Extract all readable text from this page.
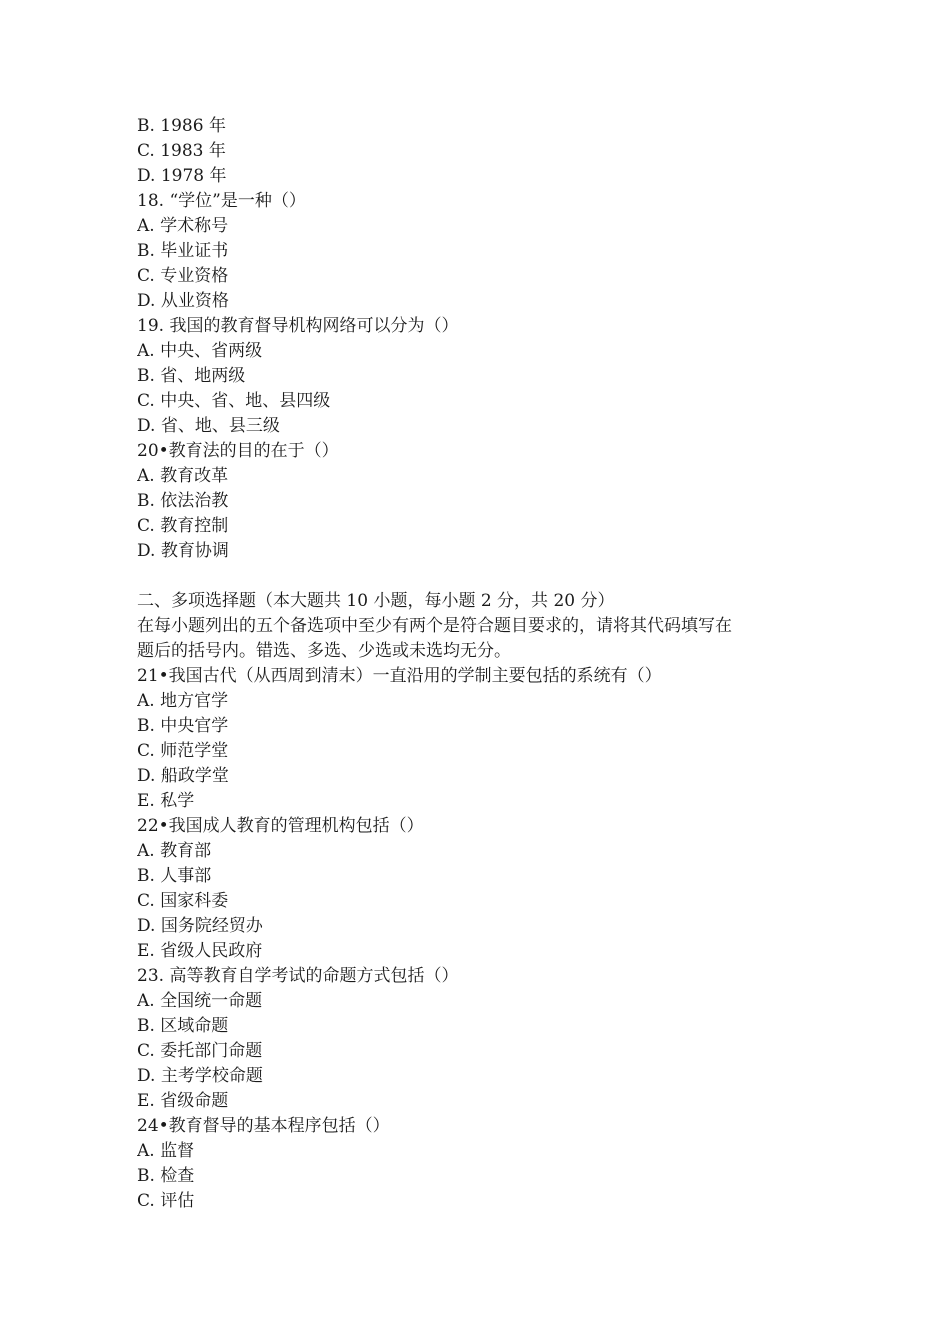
B. 1986 年
C. 1983 年
D. 1978 年
18. “学位”是一种（）
A. 学术称号
B. 毕业证书
C. 专业资格
D. 从业资格
19. 我国的教育督导机构网络可以分为（）
A. 中央、省两级
B. 省、地两级
C. 中央、省、地、县四级
D. 省、地、县三级
20•教育法的目的在于（）
A. 教育改革
B. 依法治教
C. 教育控制
D. 教育协调
二、多项选择题（本大题共 10 小题，每小题 2 分，共 20 分）
在每小题列出的五个备选项中至少有两个是符合题目要求的，请将其代码填写在
题后的括号内。错选、多选、少选或未选均无分。
21•我国古代（从西周到清末）一直沿用的学制主要包括的系统有（）
A. 地方官学
B. 中央官学
C. 师范学堂
D. 船政学堂
E. 私学
22•我国成人教育的管理机构包括（）
A. 教育部
B. 人事部
C. 国家科委
D. 国务院经贸办
E. 省级人民政府
23. 高等教育自学考试的命题方式包括（）
A. 全国统一命题
B. 区域命题
C. 委托部门命题
D. 主考学校命题
E. 省级命题
24•教育督导的基本程序包括（）
A. 监督
B. 检查
C. 评估
